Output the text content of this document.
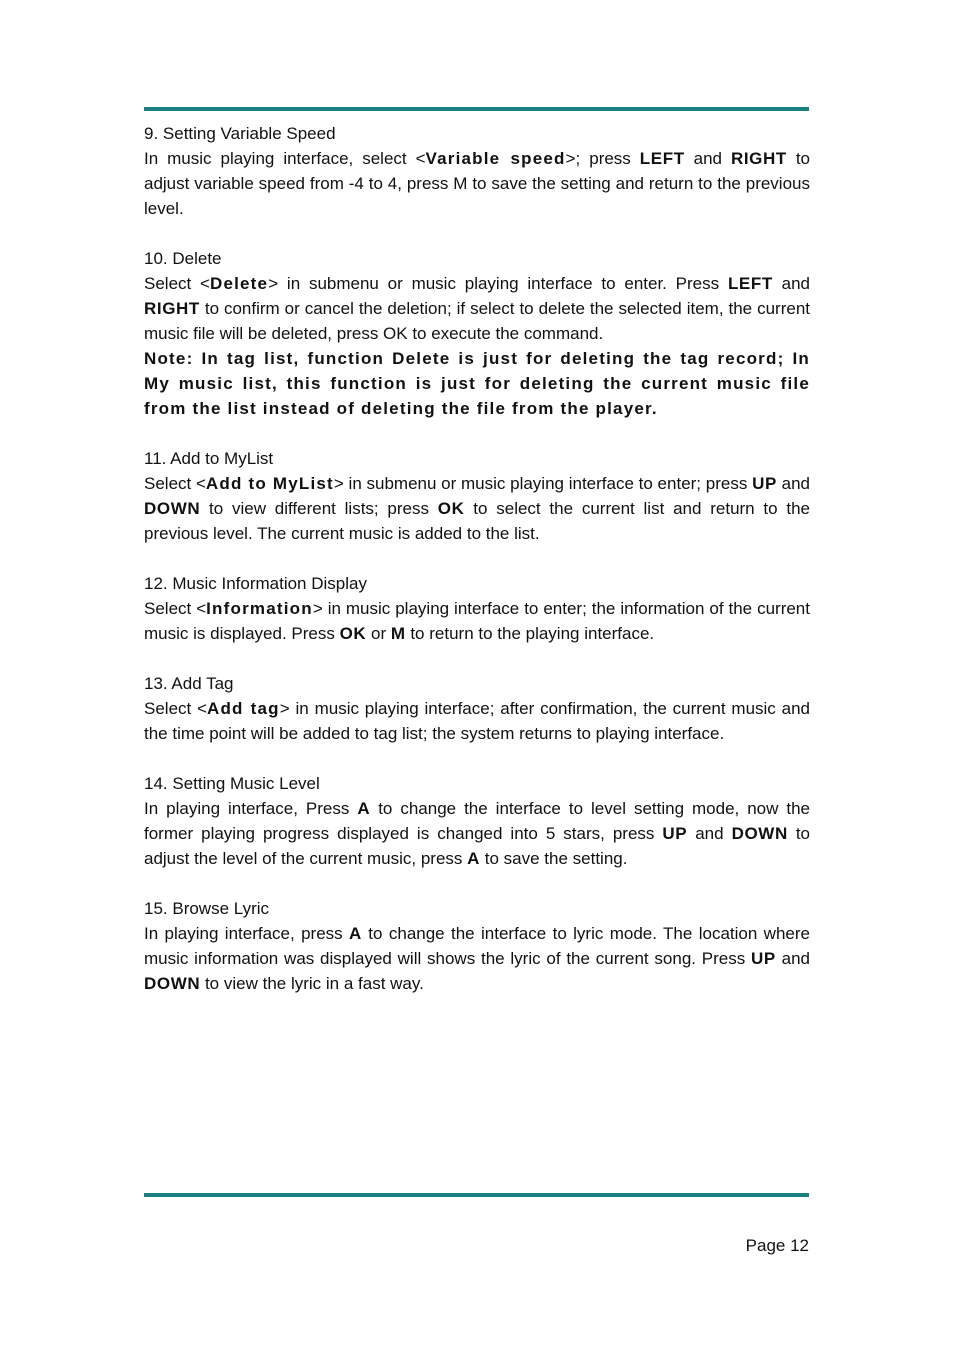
9. Setting Variable Speed

In music playing interface, select <Variable speed>; press LEFT and RIGHT to adjust variable speed from -4 to 4, press M to save the setting and return to the previous level.

10. Delete

Select <Delete> in submenu or music playing interface to enter. Press LEFT and RIGHT to confirm or cancel the deletion; if select to delete the selected item, the current music file will be deleted, press OK to execute the command.

Note: In tag list, function Delete is just for deleting the tag record; In My music list, this function is just for deleting the current music file from the list instead of deleting the file from the player.

11. Add to MyList

Select <Add to MyList> in submenu or music playing interface to enter; press UP and DOWN to view different lists; press OK to select the current list and return to the previous level. The current music is added to the list.

12. Music Information Display

Select <Information> in music playing interface to enter; the information of the current music is displayed. Press OK or M to return to the playing interface.

13. Add Tag

Select <Add tag> in music playing interface; after confirmation, the current music and the time point will be added to tag list; the system returns to playing interface.

14. Setting Music Level

In playing interface, Press A to change the interface to level setting mode, now the former playing progress displayed is changed into 5 stars, press UP and DOWN to adjust the level of the current music, press A to save the setting.

15. Browse Lyric

In playing interface, press A to change the interface to lyric mode. The location where music information was displayed will shows the lyric of the current song. Press UP and DOWN to view the lyric in a fast way.

Page 12
